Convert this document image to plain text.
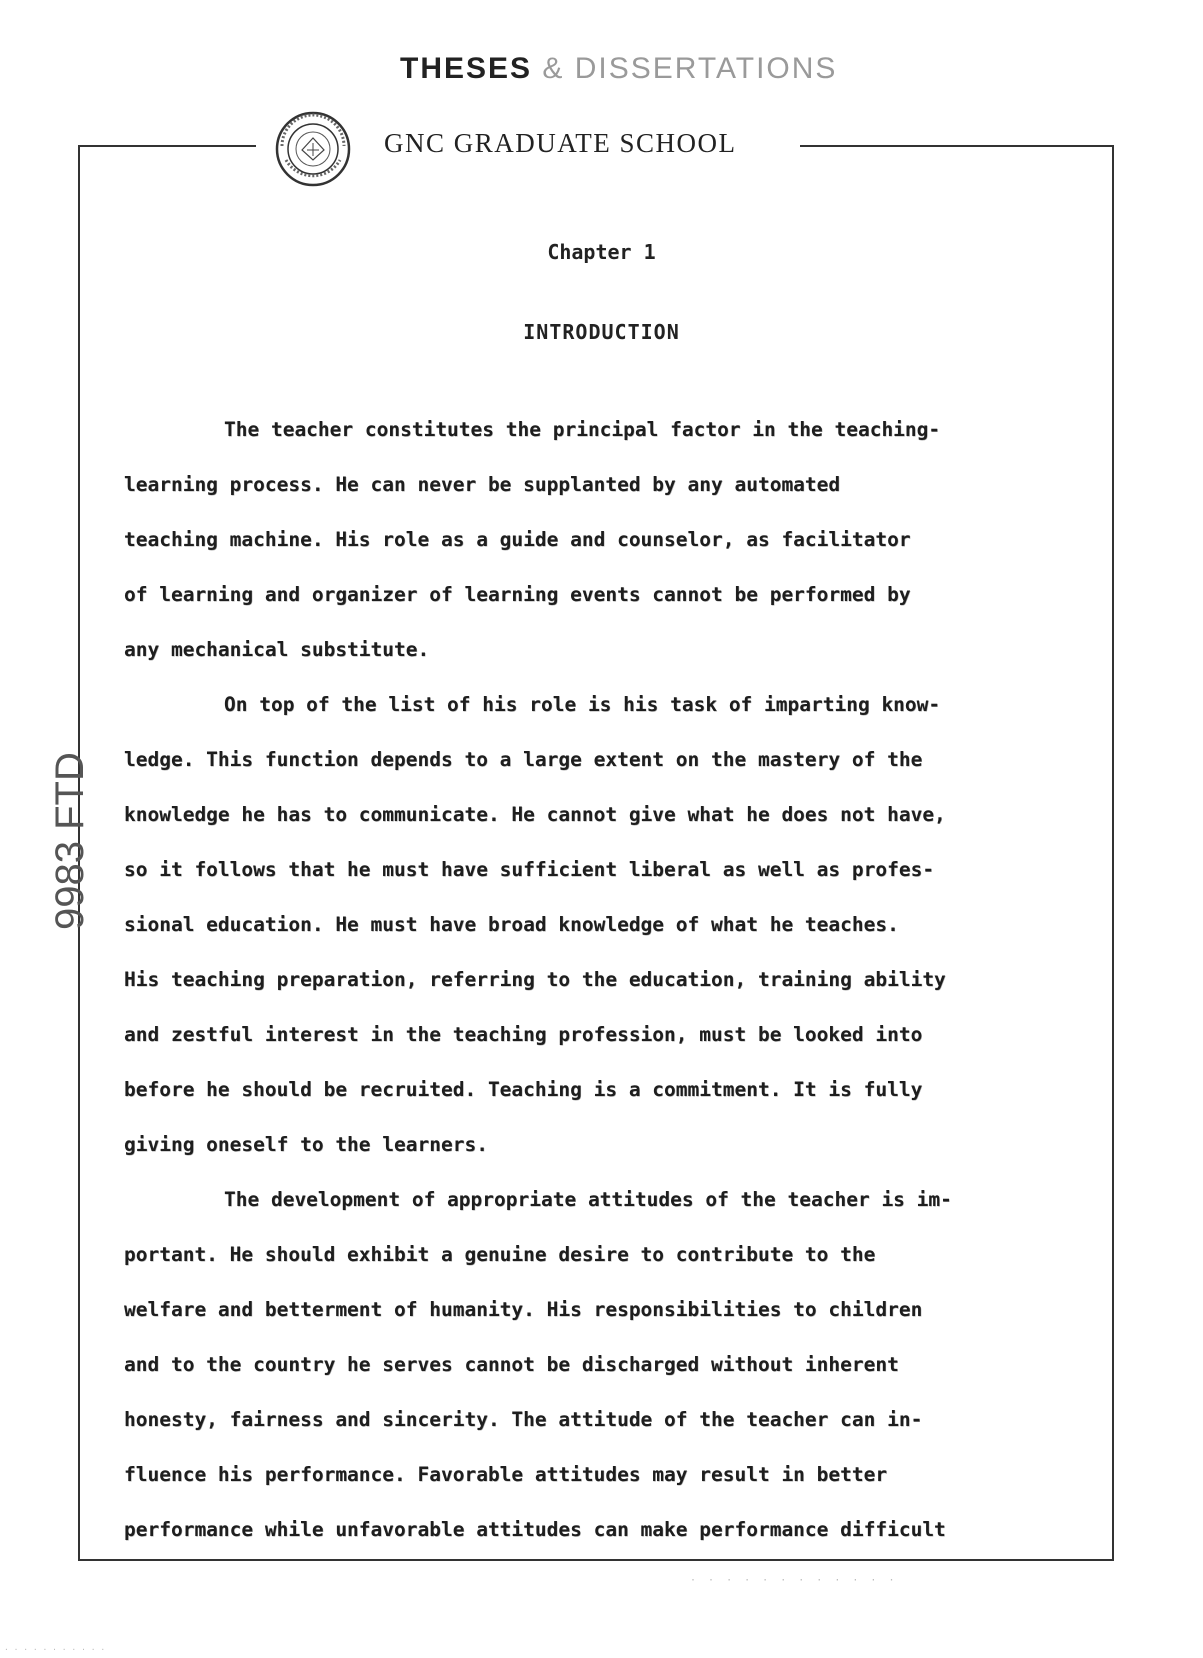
THESES & DISSERTATIONS
GNC GRADUATE SCHOOL
Chapter 1
INTRODUCTION
The teacher constitutes the principal factor in the teaching-
learning process. He can never be supplanted by any automated
teaching machine. His role as a guide and counselor, as facilitator
of learning and organizer of learning events cannot be performed by
any mechanical substitute.
On top of the list of his role is his task of imparting know-
ledge. This function depends to a large extent on the mastery of the
knowledge he has to communicate. He cannot give what he does not have,
so it follows that he must have sufficient liberal as well as profes-
sional education. He must have broad knowledge of what he teaches.
His teaching preparation, referring to the education, training ability
and zestful interest in the teaching profession, must be looked into
before he should be recruited. Teaching is a commitment. It is fully
giving oneself to the learners.
The development of appropriate attitudes of the teacher is im-
portant. He should exhibit a genuine desire to contribute to the
welfare and betterment of humanity. His responsibilities to children
and to the country he serves cannot be discharged without inherent
honesty, fairness and sincerity. The attitude of the teacher can in-
fluence his performance. Favorable attitudes may result in better
performance while unfavorable attitudes can make performance difficult
9983 FTD
· · · · · · · · · · · ·
· · · · · · · · · · ·
